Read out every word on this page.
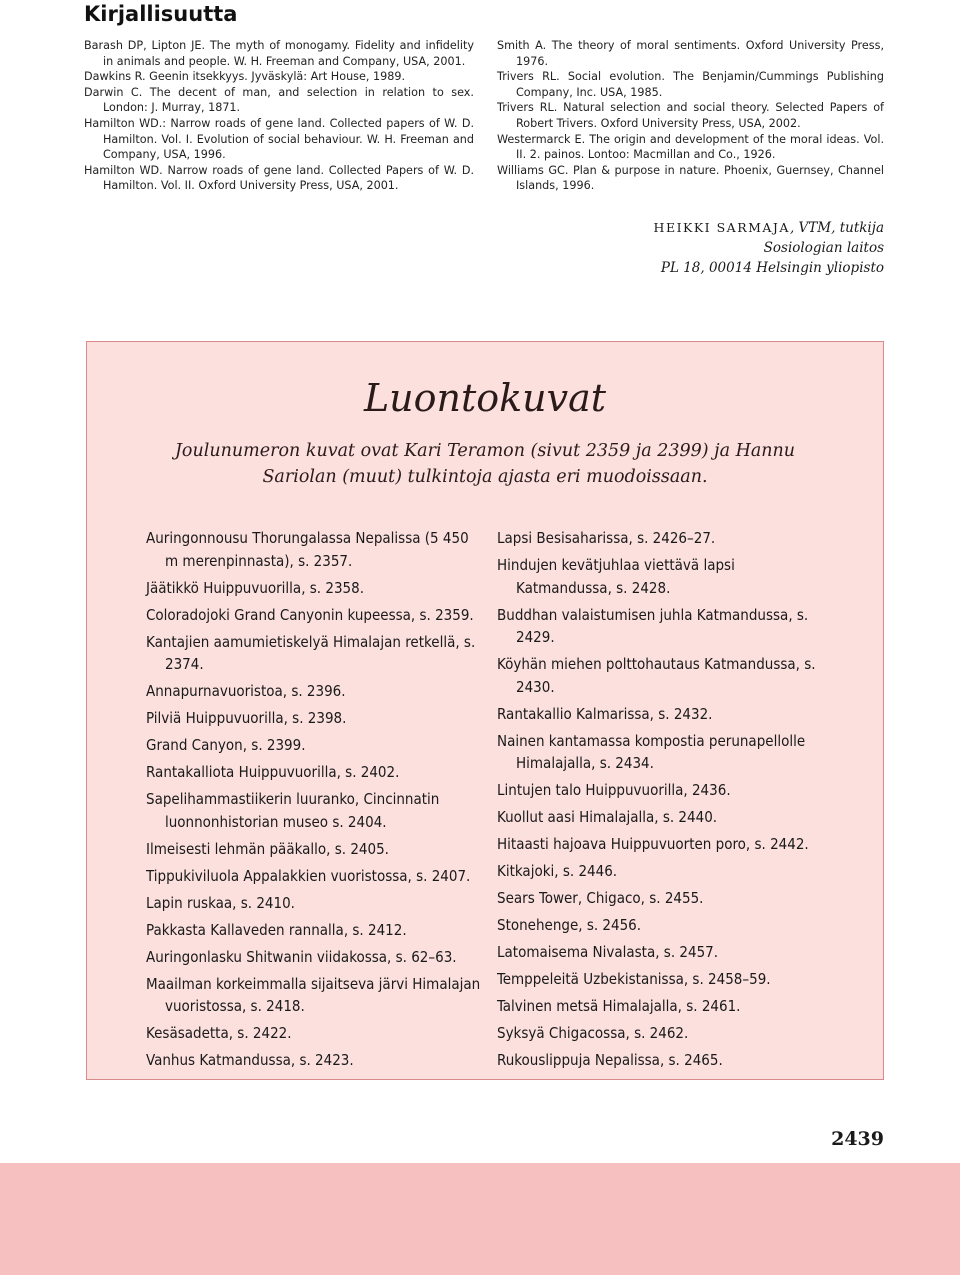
Kirjallisuutta
Barash DP, Lipton JE. The myth of monogamy. Fidelity and infidelity in animals and people. W. H. Freeman and Company, USA, 2001.
Dawkins R. Geenin itsekkyys. Jyväskylä: Art House, 1989.
Darwin C. The decent of man, and selection in relation to sex. London: J. Murray, 1871.
Hamilton WD.: Narrow roads of gene land. Collected papers of W. D. Hamilton. Vol. I. Evolution of social behaviour. W. H. Freeman and Company, USA, 1996.
Hamilton WD. Narrow roads of gene land. Collected Papers of W. D. Hamilton. Vol. II. Oxford University Press, USA, 2001.
Smith A. The theory of moral sentiments. Oxford University Press, 1976.
Trivers RL. Social evolution. The Benjamin/Cummings Publishing Company, Inc. USA, 1985.
Trivers RL. Natural selection and social theory. Selected Papers of Robert Trivers. Oxford University Press, USA, 2002.
Westermarck E. The origin and development of the moral ideas. Vol. II. 2. painos. Lontoo: Macmillan and Co., 1926.
Williams GC. Plan & purpose in nature. Phoenix, Guernsey, Channel Islands, 1996.
HEIKKI SARMAJA, VTM, tutkija
Sosiologian laitos
PL 18, 00014 Helsingin yliopisto
Luontokuvat
Joulunumeron kuvat ovat Kari Teramon (sivut 2359 ja 2399) ja Hannu Sariolan (muut) tulkintoja ajasta eri muodoissaan.
Auringonnousu Thorungalassa Nepalissa (5 450 m merenpinnasta), s. 2357.
Jäätikkö Huippuvuorilla, s. 2358.
Coloradojoki Grand Canyonin kupeessa, s. 2359.
Kantajien aamumietiskelyä Himalajan retkellä, s. 2374.
Annapurnavuoristoa, s. 2396.
Pilviä Huippuvuorilla, s. 2398.
Grand Canyon, s. 2399.
Rantakalliota Huippuvuorilla, s. 2402.
Sapelihammastiikerin luuranko, Cincinnatin luonnonhistorian museo s. 2404.
Ilmeisesti lehmän pääkallo, s. 2405.
Tippukiviluola Appalakkien vuoristossa, s. 2407.
Lapin ruskaa, s. 2410.
Pakkasta Kallaveden rannalla, s. 2412.
Auringonlasku Shitwanin viidakossa, s. 62–63.
Maailman korkeimmalla sijaitseva järvi Himalajan vuoristossa, s. 2418.
Kesäsadetta, s. 2422.
Vanhus Katmandussa, s. 2423.
Lapsi Besisaharissa, s. 2426–27.
Hindujen kevätjuhlaa viettävä lapsi Katmandussa, s. 2428.
Buddhan valaistumisen juhla Katmandussa, s. 2429.
Köyhän miehen polttohautaus Katmandussa, s. 2430.
Rantakallio Kalmarissa, s. 2432.
Nainen kantamassa kompostia perunapellolle Himalajalla, s. 2434.
Lintujen talo Huippuvuorilla, 2436.
Kuollut aasi Himalajalla, s. 2440.
Hitaasti hajoava Huippuvuorten poro, s. 2442.
Kitkajoki, s. 2446.
Sears Tower, Chigaco, s. 2455.
Stonehenge, s. 2456.
Latomaisema Nivalasta, s. 2457.
Temppeleitä Uzbekistanissa, s. 2458–59.
Talvinen metsä Himalajalla, s. 2461.
Syksyä Chigacossa, s. 2462.
Rukouslippuja Nepalissa, s. 2465.
2439
